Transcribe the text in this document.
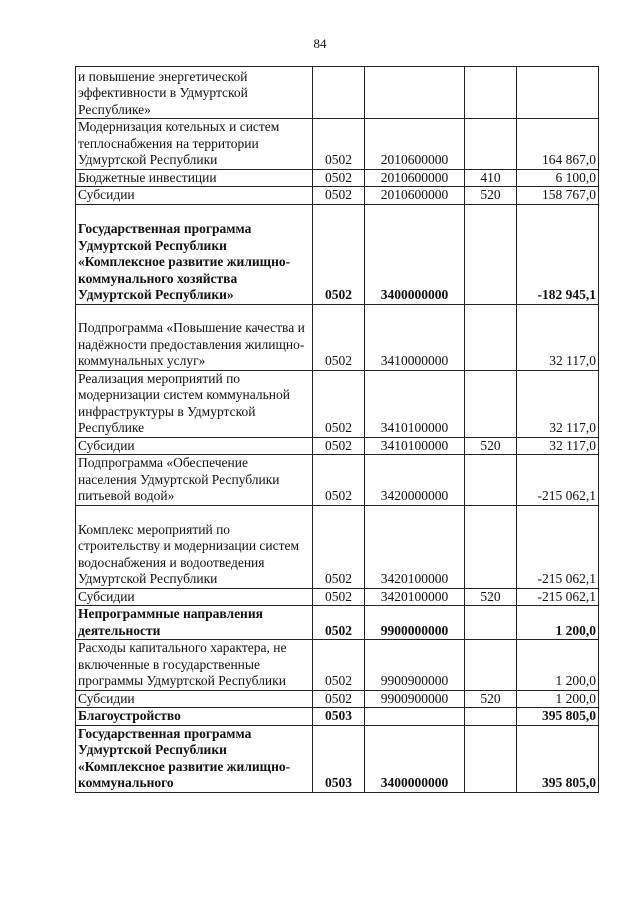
84
и повышение энергетической эффективности в Удмуртской Республике»				
Модернизация котельных и систем теплоснабжения на территории Удмуртской Республики	0502	2010600000		164 867,0
Бюджетные инвестиции	0502	2010600000	410	6 100,0
Субсидии	0502	2010600000	520	158 767,0
Государственная программа Удмуртской Республики «Комплексное развитие жилищно-коммунального хозяйства Удмуртской Республики»	0502	3400000000		-182 945,1
Подпрограмма «Повышение качества и надёжности предоставления жилищно-коммунальных услуг»	0502	3410000000		32 117,0
Реализация мероприятий по модернизации систем коммунальной инфраструктуры в Удмуртской Республике	0502	3410100000		32 117,0
Субсидии	0502	3410100000	520	32 117,0
Подпрограмма «Обеспечение населения Удмуртской Республики питьевой водой»	0502	3420000000		-215 062,1
Комплекс мероприятий по строительству и модернизации систем водоснабжения и водоотведения Удмуртской Республики	0502	3420100000		-215 062,1
Субсидии	0502	3420100000	520	-215 062,1
Непрограммные направления деятельности	0502	9900000000		1 200,0
Расходы капитального характера, не включенные в государственные программы Удмуртской Республики	0502	9900900000		1 200,0
Субсидии	0502	9900900000	520	1 200,0
Благоустройство	0503			395 805,0
Государственная программа Удмуртской Республики «Комплексное развитие жилищно-коммунального	0503	3400000000		395 805,0
